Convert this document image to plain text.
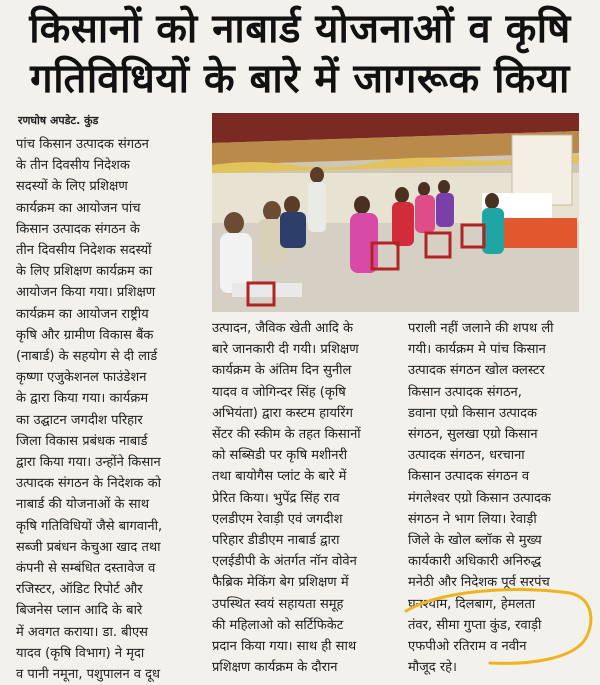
किसानों को नाबार्ड योजनाओं व कृषि
गतिविधियों के बारे में जागरूक किया
रणघोष अपडेट. कुंड
पांच किसान उत्पादक संगठन
के तीन दिवसीय निदेशक
सदस्यों के लिए प्रशिक्षण
कार्यक्रम का आयोजन पांच
किसान उत्पादक संगठन के
तीन दिवसीय निदेशक सदस्यों
के लिए प्रशिक्षण कार्यक्रम का
आयोजन किया गया। प्रशिक्षण
कार्यक्रम का आयोजन राष्ट्रीय
कृषि और ग्रामीण विकास बैंक
(नाबार्ड) के सहयोग से दी लार्ड
कृष्णा एजुकेशनल फाउंडेशन
के द्वारा किया गया। कार्यक्रम
का उद्घाटन जगदीश परिहार
जिला विकास प्रबंधक नाबार्ड
द्वारा किया गया। उन्होंने किसान
उत्पादक संगठन के निदेशक को
नाबार्ड की योजनाओं के साथ
कृषि गतिविधियों जैसे बागवानी,
सब्जी प्रबंधन केचुआ खाद तथा
कंपनी से सम्बंधित दस्तावेज व
रजिस्टर, ऑडिट रिपोर्ट और
बिजनेस प्लान आदि के बारे
में अवगत कराया। डा. बीएस
यादव (कृषि विभाग) ने मृदा
व पानी नमूना, पशुपालन व दूध
उत्पादन, जैविक खेती आदि के
बारे जानकारी दी गयी। प्रशिक्षण
कार्यक्रम के अंतिम दिन सुनील
यादव व जोगिन्दर सिंह (कृषि
अभियंता) द्वारा कस्टम हायरिंग
सेंटर की स्कीम के तहत किसानों
को सब्सिडी पर कृषि मशीनरी
तथा बायोगैस प्लांट के बारे में
प्रेरित किया। भुपेंद्र सिंह राव
एलडीएम रेवाड़ी एवं जगदीश
परिहार डीडीएम नाबार्ड द्वारा
एलईडीपी के अंतर्गत नॉन वोवेन
फैब्रिक मेकिंग बेग प्रशिक्षण में
उपस्थित स्वयं सहायता समूह
की महिलाओ को सर्टिफिकेट
प्रदान किया गया। साथ ही साथ
प्रशिक्षण कार्यक्रम के दौरान
पराली नहीं जलाने की शपथ ली
गयी। कार्यक्रम मे पांच किसान
उत्पादक संगठन खोल क्लस्टर
किसान उत्पादक संगठन,
डवाना एग्रो किसान उत्पादक
संगठन, सुलखा एग्रो किसान
उत्पादक संगठन, धरचाना
किसान उत्पादक संगठन व
मंगलेश्वर एग्रो किसान उत्पादक
संगठन ने भाग लिया। रेवाड़ी
जिले के खोल ब्लॉक से मुख्य
कार्यकारी अधिकारी अनिरुद्ध
मनेठी और निदेशक पूर्व सरपंच
घनश्याम, दिलबाग, हेमलता
तंवर, सीमा गुप्ता कुंड, रवाड़ी
एफपीओ रतिराम व नवीन
मौजूद रहे।
